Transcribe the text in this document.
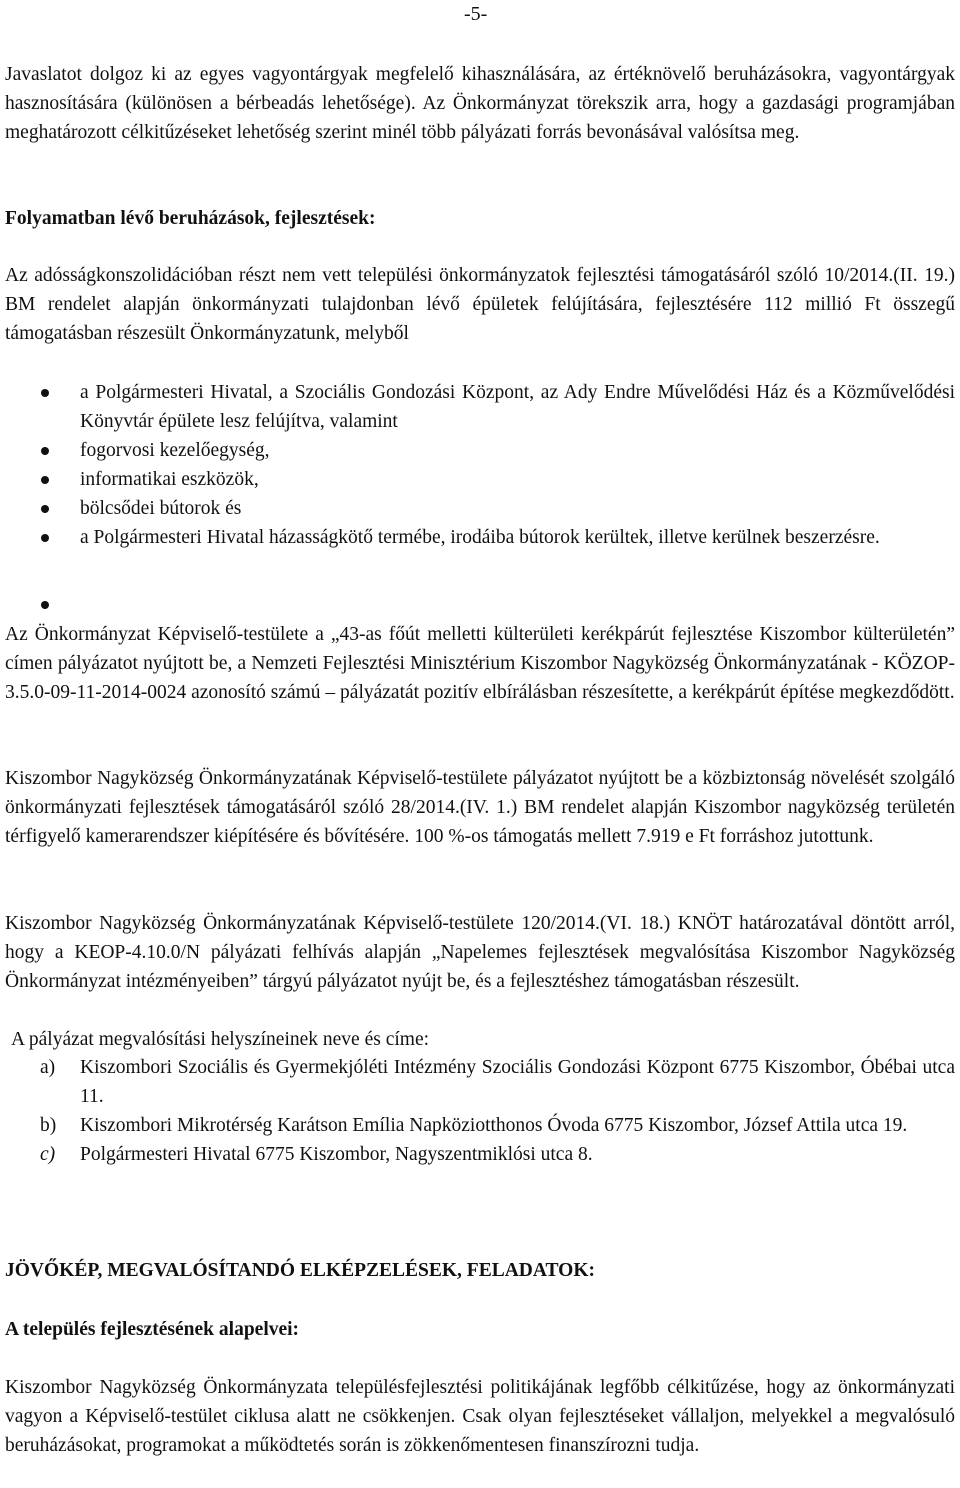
-5-

Javaslatot dolgoz ki az egyes vagyontárgyak megfelelő kihasználására, az értéknövelő beruházásokra, vagyontárgyak hasznosítására (különösen a bérbeadás lehetősége). Az Önkormányzat törekszik arra, hogy a gazdasági programjában meghatározott célkitűzéseket lehetőség szerint minél több pályázati forrás bevonásával valósítsa meg.

Folyamatban lévő beruházások, fejlesztések:

Az adósságkonszolidációban részt nem vett települési önkormányzatok fejlesztési támogatásáról szóló 10/2014.(II. 19.) BM rendelet alapján önkormányzati tulajdonban lévő épületek felújítására, fejlesztésére 112 millió Ft összegű támogatásban részesült Önkormányzatunk, melyből

a Polgármesteri Hivatal, a Szociális Gondozási Központ, az Ady Endre Művelődési Ház és a Közművelődési Könyvtár épülete lesz felújítva, valamint
fogorvosi kezelőegység,
informatikai eszközök,
bölcsődei bútorok és
a Polgármesteri Hivatal házasságkötő termébe, irodáiba bútorok kerültek, illetve kerülnek beszerzésre.

Az Önkormányzat Képviselő-testülete a „43-as főút melletti külterületi kerékpárút fejlesztése Kiszombor külterületén” címen pályázatot nyújtott be, a Nemzeti Fejlesztési Minisztérium Kiszombor Nagyközség Önkormányzatának - KÖZOP-3.5.0-09-11-2014-0024 azonosító számú – pályázatát pozitív elbírálásban részesítette, a kerékpárút építése megkezdődött.

Kiszombor Nagyközség Önkormányzatának Képviselő-testülete pályázatot nyújtott be a közbiztonság növelését szolgáló önkormányzati fejlesztések támogatásáról szóló 28/2014.(IV. 1.) BM rendelet alapján Kiszombor nagyközség területén térfigyelő kamerarendszer kiépítésére és bővítésére. 100 %-os támogatás mellett 7.919 e Ft forráshoz jutottunk.

Kiszombor Nagyközség Önkormányzatának Képviselő-testülete 120/2014.(VI. 18.) KNÖT határozatával döntött arról, hogy a KEOP-4.10.0/N pályázati felhívás alapján „Napelemes fejlesztések megvalósítása Kiszombor Nagyközség Önkormányzat intézményeiben” tárgyú pályázatot nyújt be, és a fejlesztéshez támogatásban részesült.

A pályázat megvalósítási helyszíneinek neve és címe:

a) Kiszombori Szociális és Gyermekjóléti Intézmény Szociális Gondozási Központ 6775 Kiszombor, Óbébai utca 11.
b) Kiszombori Mikrotérség Karátson Emília Napköziotthonos Óvoda 6775 Kiszombor, József Attila utca 19.
c) Polgármesteri Hivatal 6775 Kiszombor, Nagyszentmiklósi utca 8.

JÖVŐKÉP, MEGVALÓSÍTANDÓ ELKÉPZELÉSEK, FELADATOK:

A település fejlesztésének alapelvei:

Kiszombor Nagyközség Önkormányzata településfejlesztési politikájának legfőbb célkitűzése, hogy az önkormányzati vagyon a Képviselő-testület ciklusa alatt ne csökkenjen. Csak olyan fejlesztéseket vállaljon, melyekkel a megvalósuló beruházásokat, programokat a működtetés során is zökkenőmentesen finanszírozni tudja.
